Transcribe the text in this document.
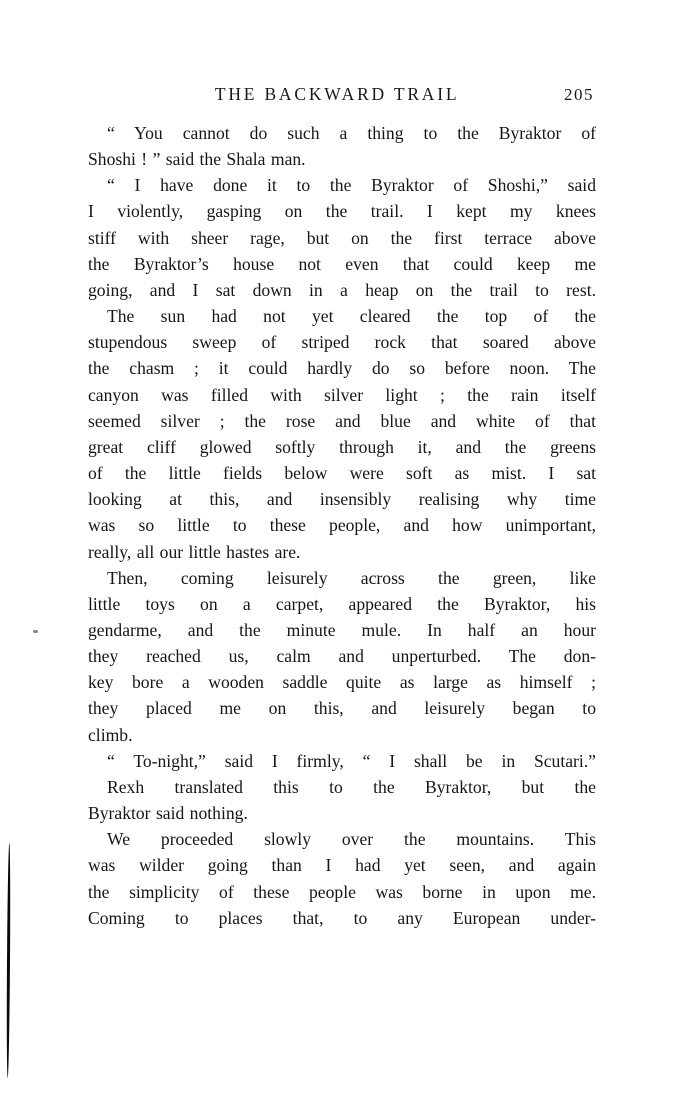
THE BACKWARD TRAIL	205
“ You cannot do such a thing to the Byraktor of
Shoshi ! ” said the Shala man.
“ I have done it to the Byraktor of Shoshi,” said
I violently, gasping on the trail. I kept my knees
stiff with sheer rage, but on the first terrace above
the Byraktor’s house not even that could keep me
going, and I sat down in a heap on the trail to rest.
The sun had not yet cleared the top of the
stupendous sweep of striped rock that soared above
the chasm ; it could hardly do so before noon. The
canyon was filled with silver light ; the rain itself
seemed silver ; the rose and blue and white of that
great cliff glowed softly through it, and the greens
of the little fields below were soft as mist. I sat
looking at this, and insensibly realising why time
was so little to these people, and how unimportant,
really, all our little hastes are.
Then, coming leisurely across the green, like
little toys on a carpet, appeared the Byraktor, his
gendarme, and the minute mule. In half an hour
they reached us, calm and unperturbed. The don-
key bore a wooden saddle quite as large as himself ;
they placed me on this, and leisurely began to
climb.
“ To-night,” said I firmly, “ I shall be in Scutari.”
Rexh translated this to the Byraktor, but the
Byraktor said nothing.
We proceeded slowly over the mountains. This
was wilder going than I had yet seen, and again
the simplicity of these people was borne in upon me.
Coming to places that, to any European under-
